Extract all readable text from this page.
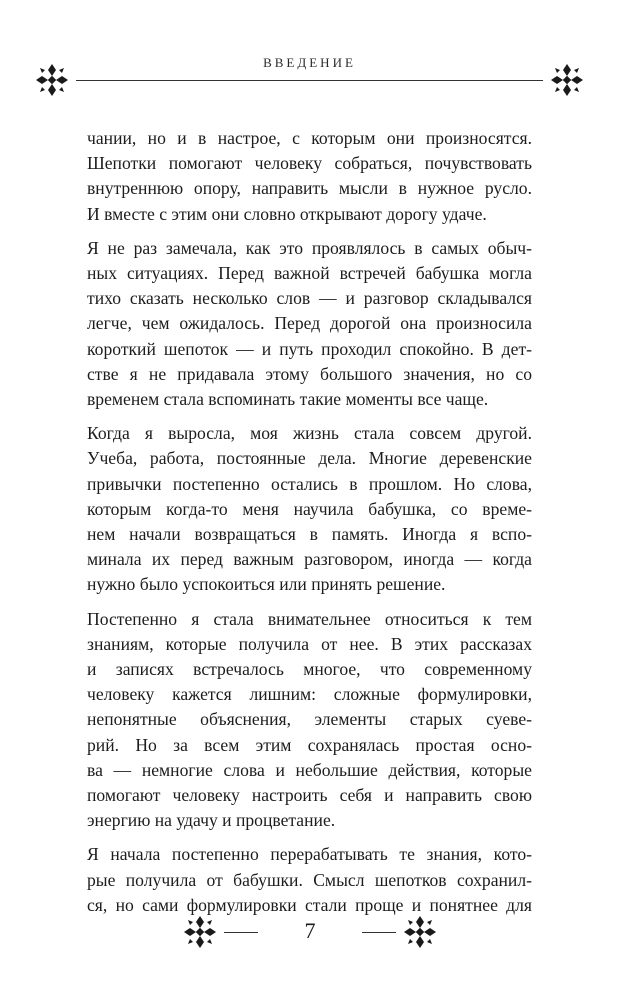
ВВЕДЕНИЕ

чании, но и в настрое, с которым они произносятся.
Шепотки помогают человеку собраться, почувствовать
внутреннюю опору, направить мысли в нужное русло.
И вместе с этим они словно открывают дорогу удаче.

Я не раз замечала, как это проявлялось в самых обыч-
ных ситуациях. Перед важной встречей бабушка могла
тихо сказать несколько слов — и разговор складывался
легче, чем ожидалось. Перед дорогой она произносила
короткий шепоток — и путь проходил спокойно. В дет-
стве я не придавала этому большого значения, но со
временем стала вспоминать такие моменты все чаще.

Когда я выросла, моя жизнь стала совсем другой.
Учеба, работа, постоянные дела. Многие деревенские
привычки постепенно остались в прошлом. Но слова,
которым когда-то меня научила бабушка, со време-
нем начали возвращаться в память. Иногда я вспо-
минала их перед важным разговором, иногда — когда
нужно было успокоиться или принять решение.

Постепенно я стала внимательнее относиться к тем
знаниям, которые получила от нее. В этих рассказах
и записях встречалось многое, что современному
человеку кажется лишним: сложные формулировки,
непонятные объяснения, элементы старых суеве-
рий. Но за всем этим сохранялась простая осно-
ва — немногие слова и небольшие действия, которые
помогают человеку настроить себя и направить свою
энергию на удачу и процветание.

Я начала постепенно перерабатывать те знания, кото-
рые получила от бабушки. Смысл шепотков сохранил-
ся, но сами формулировки стали проще и понятнее для

7
